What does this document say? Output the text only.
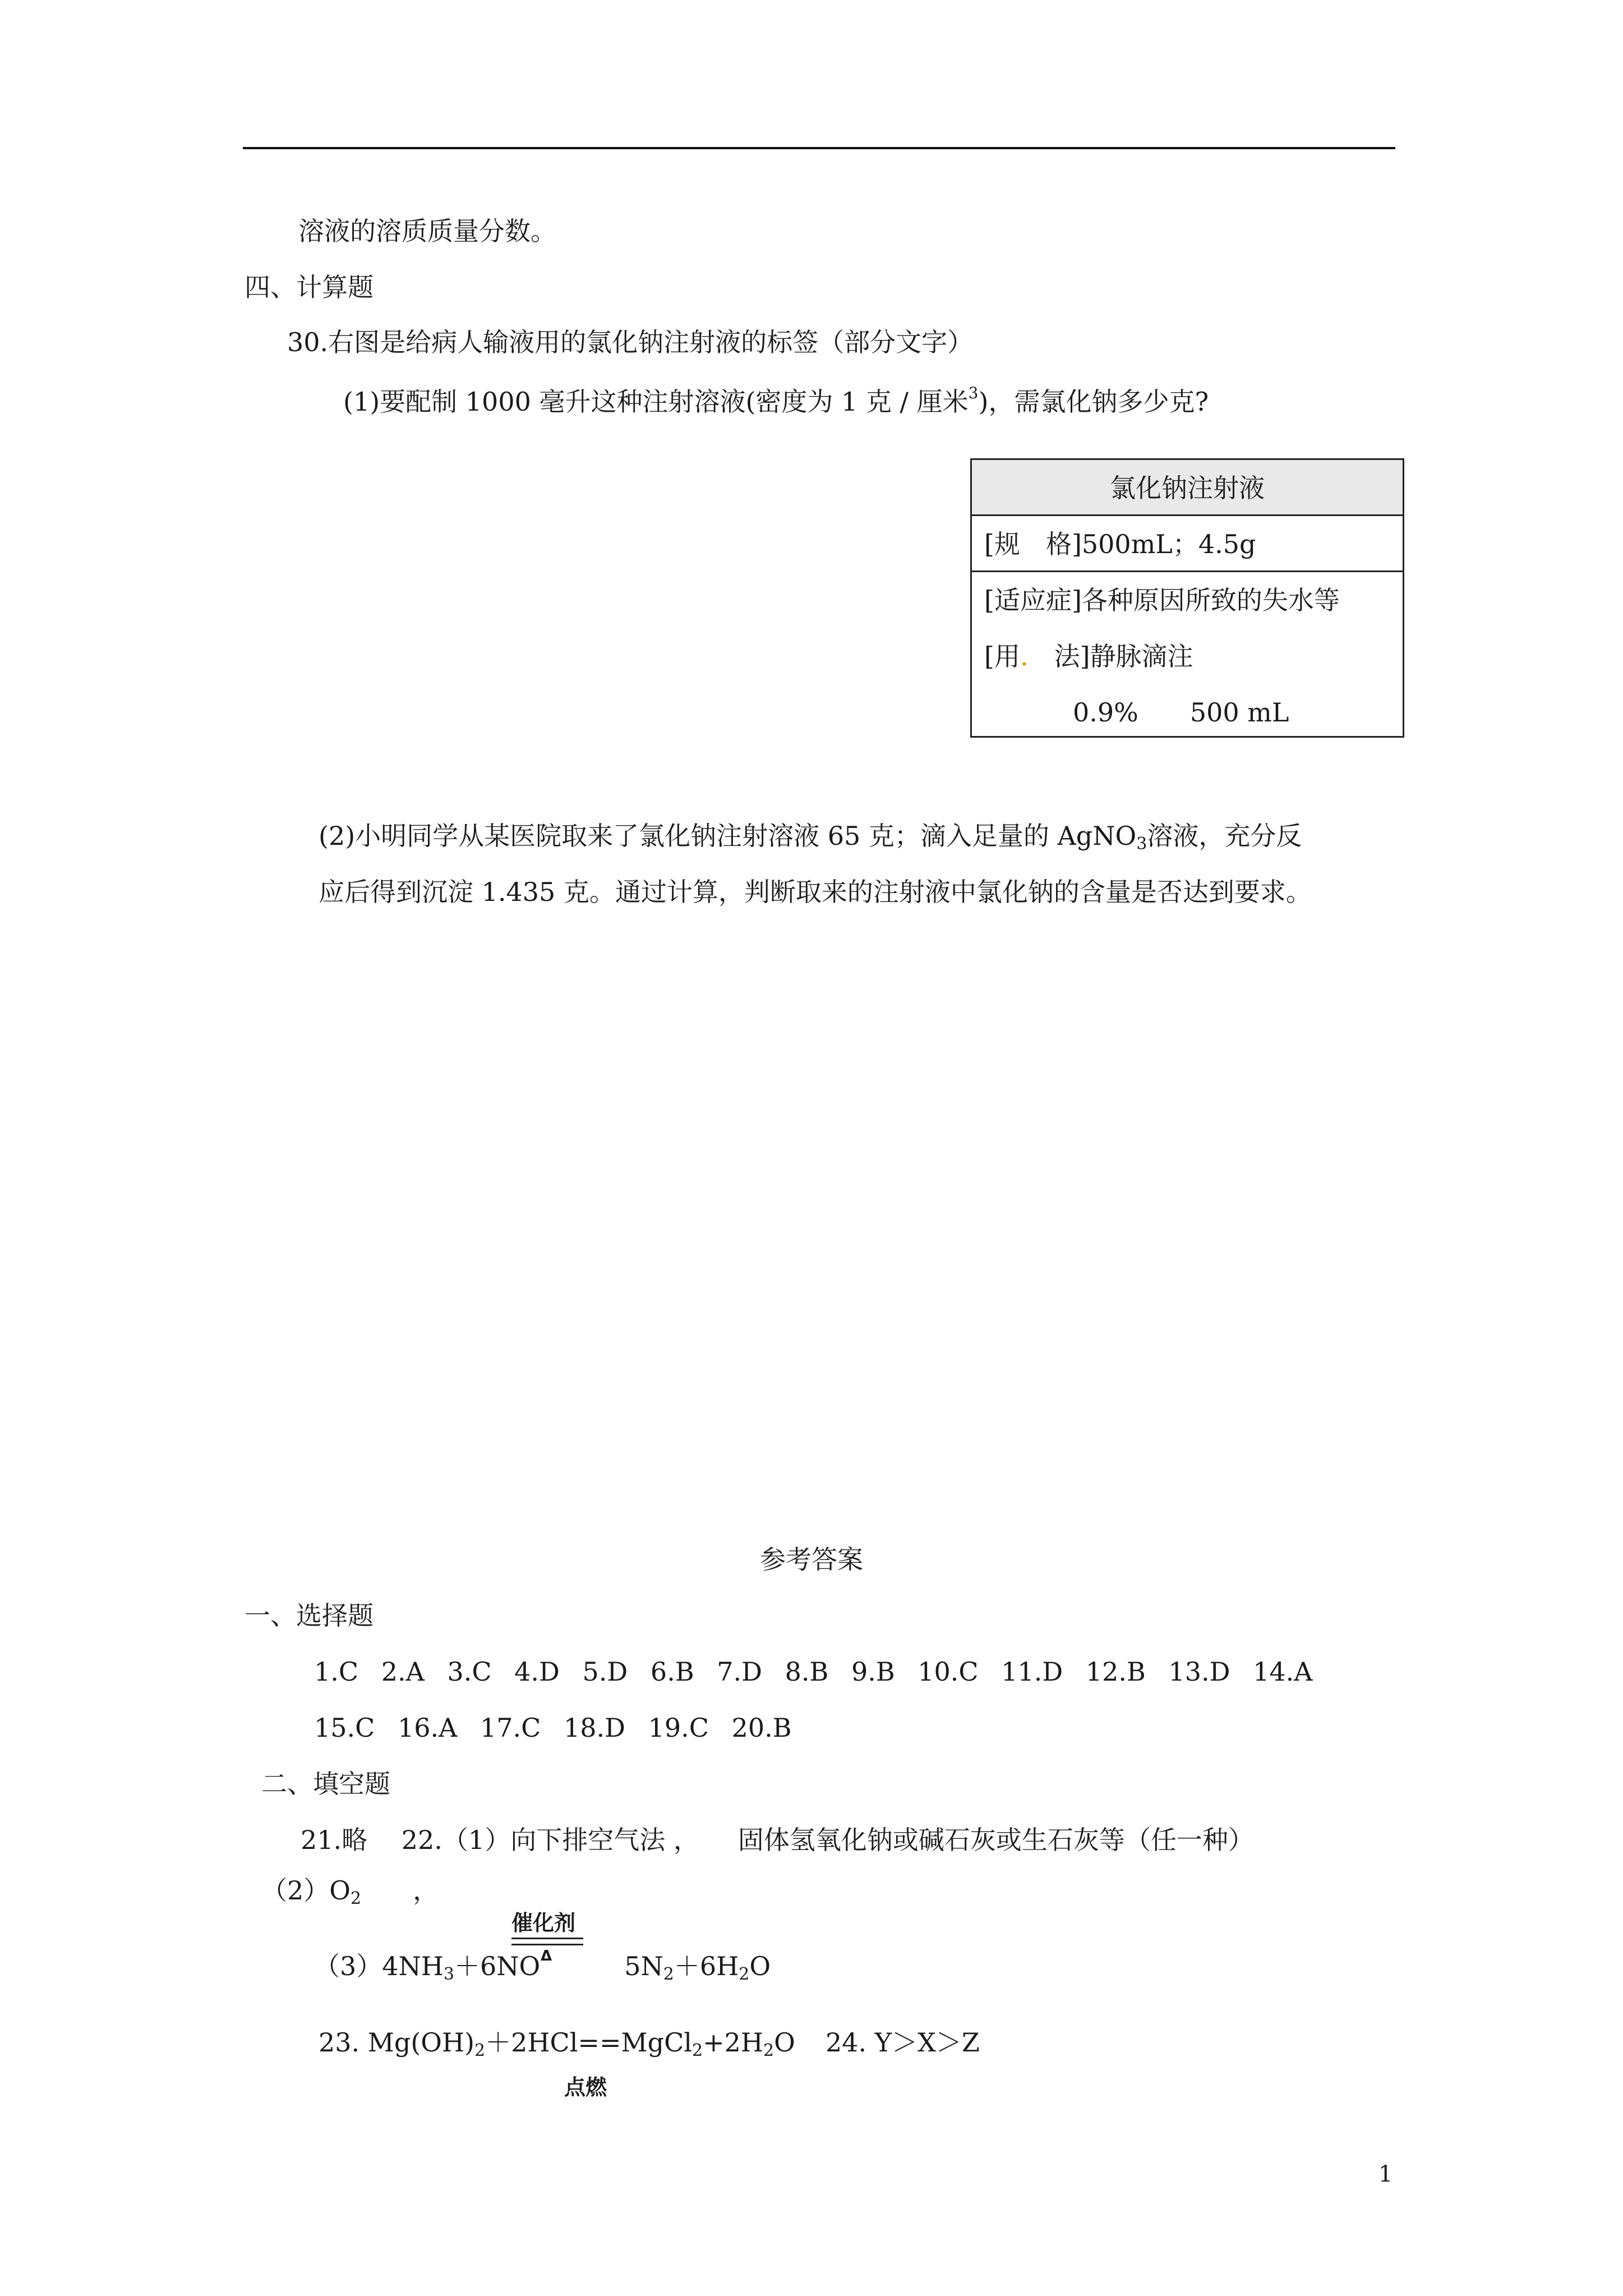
溶液的溶质质量分数。
四、计算题
30.右图是给病人输液用的氯化钠注射液的标签（部分文字）
(1)要配制 1000 毫升这种注射溶液(密度为 1 克 / 厘米$^3$)，需氯化钠多少克?
氯化钠注射液
[规　格]500mL；4.5g
[适应症]各种原因所致的失水等
[用.　法]静脉滴注
0.9%　　500 mL
(2)小明同学从某医院取来了氯化钠注射溶液 65 克；滴入足量的 AgNO$_3$溶液，充分反
应后得到沉淀 1.435 克。通过计算，判断取来的注射液中氯化钠的含量是否达到要求。
参考答案
一、选择题
1.C 2.A 3.C 4.D 5.D 6.B 7.D 8.B 9.B 10.C 11.D 12.B 13.D 14.A
15.C 16.A 17.C 18.D 19.C 20.B
二、填空题
21.略　 22.（1）向下排空气法 ，　　固体氢氧化钠或碱石灰或生石灰等（任一种）
$(2)O_2$　　，
催化剂
Δ
$(3)4NH_3+6NO$	$5N_2+6H_2O$
23. $Mg(OH)_2+2HCl==MgCl_2+2H_2O$ 24. Y＞X＞Z
点燃
1
